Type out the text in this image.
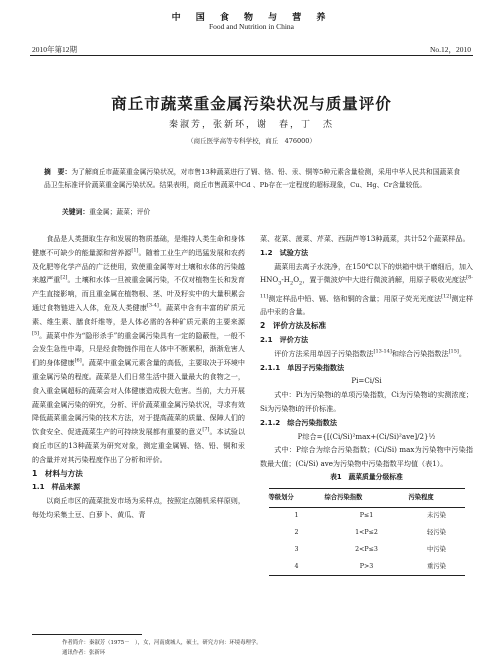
中 国 食 物 与 营 养
Food and Nutrition in China
2010年第12期	No.12，2010
商丘市蔬菜重金属污染状况与质量评价
秦淑芳，张新环，谢　春，丁　杰
（商丘医学高等专科学校，商丘　476000）
摘　要：为了解商丘市蔬菜重金属污染状况，对市售13种蔬菜进行了镉、铬、铅、汞、铜等5种元素含量检测，采用中华人民共和国蔬菜食品卫生标准评价蔬菜重金属污染状况。结果表明，商丘市售蔬菜中Cd 、Pb存在一定程度的超标现象，Cu、Hg、Cr含量较低。
关键词：重金属；蔬菜；评价

食品是人类摄取生存和发展的物质基础，是维持人类生命和身体健康不可缺少的能量源和营养源[1]。随着工业生产的迅猛发展和农药及化肥等化学产品的广泛使用，致使重金属等对土壤和水体的污染越来越严重[2]。土壤和水体一旦被重金属污染，不仅对植物生长和发育产生直接影响，而且重金属在植物根、茎、叶及籽实中的大量积累会通过食物链进入人体，危及人类健康[3-4]。蔬菜中含有丰富的矿质元素、维生素、膳食纤维等，是人体必需的各种矿质元素的主要来源[5]。蔬菜中作为“隐形杀手”的重金属污染具有一定的隐蔽性，一般不会发生急性中毒，只是经食物链作用在人体中不断累积，渐渐危害人们的身体健康[6]。蔬菜中重金属元素含量的高低，主要取决于环境中重金属污染的程度。蔬菜是人们日常生活中摄入量最大的食物之一，食入重金属超标的蔬菜会对人体健康造成极大危害。当前，大力开展蔬菜重金属污染的研究，分析、评价蔬菜重金属污染状况，寻求有效降低蔬菜重金属污染的技术方法，对于提高蔬菜的质量、保障人们的饮食安全、促进蔬菜生产的可持续发展都有重要的意义[7]。本试验以商丘市区的13种蔬菜为研究对象，测定重金属镉、铬、铅、铜和汞的含量并对其污染程度作出了分析和评价。

1　材料与方法

1.1　样品来源

以商丘市区的蔬菜批发市场为采样点，按照定点随机采样原则，每处均采集土豆、白萝卜、黄瓜、青

菜、花菜、菠菜、芹菜、西葫芦等13种蔬菜，共计52个蔬菜样品。

1.2　试验方法

蔬菜用去离子水洗净，在150℃以下的烘箱中烘干磨细后，加入$HNO_3-H_2O_2$，置于微波炉中大进行微波消解，用原子吸收光度法[8-11]测定样品中铅、镉、铬和铜的含量；用原子荧光光度法[12]测定样品中汞的含量。

2　评价方法及标准

2.1　评价方法

评价方法采用单因子污染指数法[13-14]和综合污染指数法[15]。

2.1.1　单因子污染指数法

Pi=Ci/Si

式中：Pi为污染物i的单项污染指数，Ci为污染物i的实测浓度；Si为污染物i的评价标准。

2.1.2　综合污染指数法

P综合={[(Ci/Si)²max+(Ci/Si)²ave]/2}½

式中：P综合为综合污染指数；(Ci/Si) max为污染物中污染指数最大值；(Ci/Si) ave为污染物中污染指数平均值（表1）。

表1　蔬菜质量分级标准

等级划分	综合污染指数	污染程度
1	P≤1	未污染
2	1<P≤2	轻污染
3	2<P≤3	中污染
4	P>3	重污染
作者简介：秦淑芳（1975－　），女，河南虞城人，硕士，研究方向：环境毒理学。
通讯作者：张新环
